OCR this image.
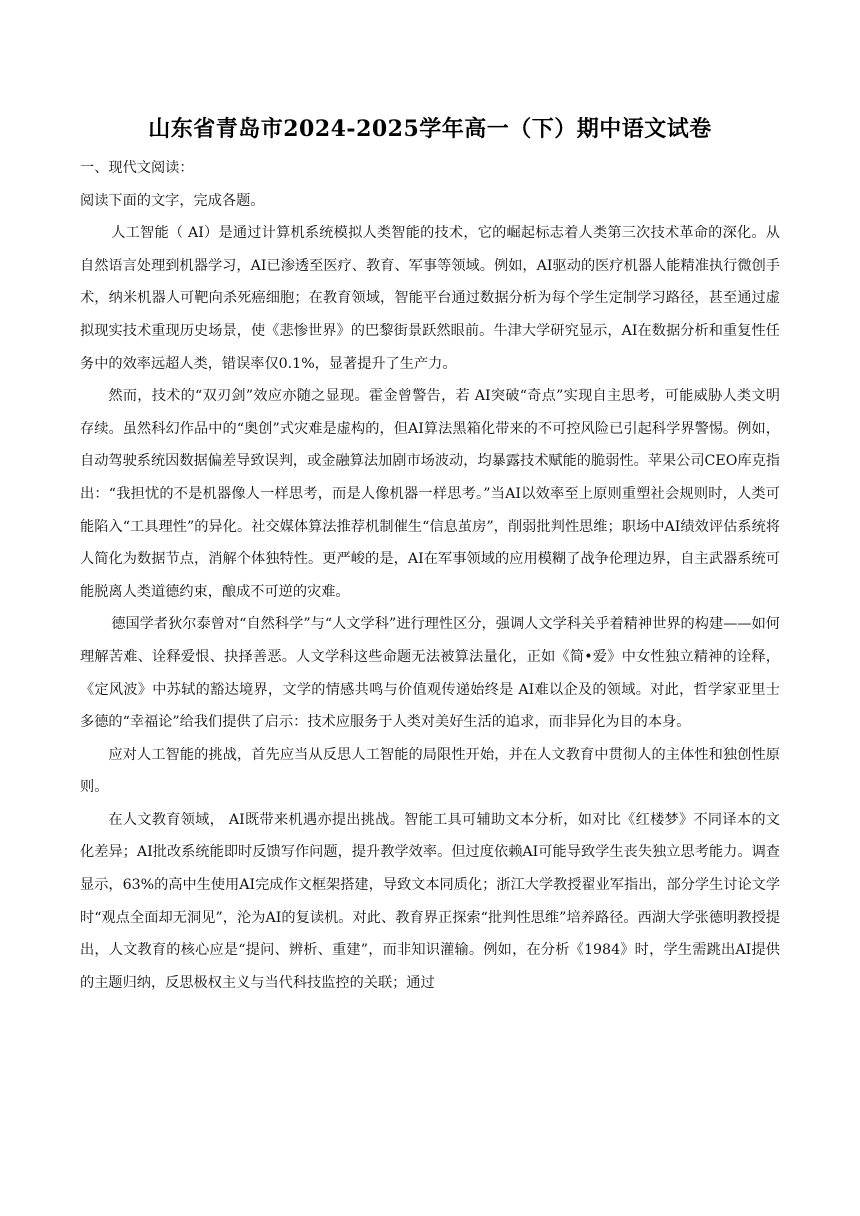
山东省青岛市2024-2025学年高一（下）期中语文试卷

一、现代文阅读：

阅读下面的文字，完成各题。

人工智能（ AI）是通过计算机系统模拟人类智能的技术，它的崛起标志着人类第三次技术革命的深化。从自然语言处理到机器学习，AI已渗透至医疗、教育、军事等领域。例如，AI驱动的医疗机器人能精准执行微创手术，纳米机器人可靶向杀死癌细胞；在教育领域，智能平台通过数据分析为每个学生定制学习路径，甚至通过虚拟现实技术重现历史场景，使《悲惨世界》的巴黎街景跃然眼前。牛津大学研究显示，AI在数据分析和重复性任务中的效率远超人类，错误率仅0.1%，显著提升了生产力。

然而，技术的“双刃剑”效应亦随之显现。霍金曾警告，若 AI突破“奇点”实现自主思考，可能威胁人类文明存续。虽然科幻作品中的“奥创”式灾难是虚构的，但AI算法黑箱化带来的不可控风险已引起科学界警惕。例如，自动驾驶系统因数据偏差导致误判，或金融算法加剧市场波动，均暴露技术赋能的脆弱性。苹果公司CEO库克指出：“我担忧的不是机器像人一样思考，而是人像机器一样思考。”当AI以效率至上原则重塑社会规则时，人类可能陷入“工具理性”的异化。社交媒体算法推荐机制催生“信息茧房”，削弱批判性思维；职场中AI绩效评估系统将人简化为数据节点，消解个体独特性。更严峻的是，AI在军事领域的应用模糊了战争伦理边界，自主武器系统可能脱离人类道德约束，酿成不可逆的灾难。

德国学者狄尔泰曾对“自然科学”与“人文学科”进行理性区分，强调人文学科关乎着精神世界的构建——如何理解苦难、诠释爱恨、抉择善恶。人文学科这些命题无法被算法量化，正如《简•爱》中女性独立精神的诠释，《定风波》中苏轼的豁达境界，文学的情感共鸣与价值观传递始终是 AI难以企及的领域。对此，哲学家亚里士多德的“幸福论”给我们提供了启示：技术应服务于人类对美好生活的追求，而非异化为目的本身。

应对人工智能的挑战，首先应当从反思人工智能的局限性开始，并在人文教育中贯彻人的主体性和独创性原则。

在人文教育领域， AI既带来机遇亦提出挑战。智能工具可辅助文本分析，如对比《红楼梦》不同译本的文化差异；AI批改系统能即时反馈写作问题，提升教学效率。但过度依赖AI可能导致学生丧失独立思考能力。调查显示，63%的高中生使用AI完成作文框架搭建，导致文本同质化；浙江大学教授翟业军指出，部分学生讨论文学时“观点全面却无洞见”，沦为AI的复读机。对此、教育界正探索“批判性思维”培养路径。西湖大学张德明教授提出，人文教育的核心应是“提问、辨析、重建”，而非知识灌输。例如，在分析《1984》时，学生需跳出AI提供的主题归纳，反思极权主义与当代科技监控的关联；通过
